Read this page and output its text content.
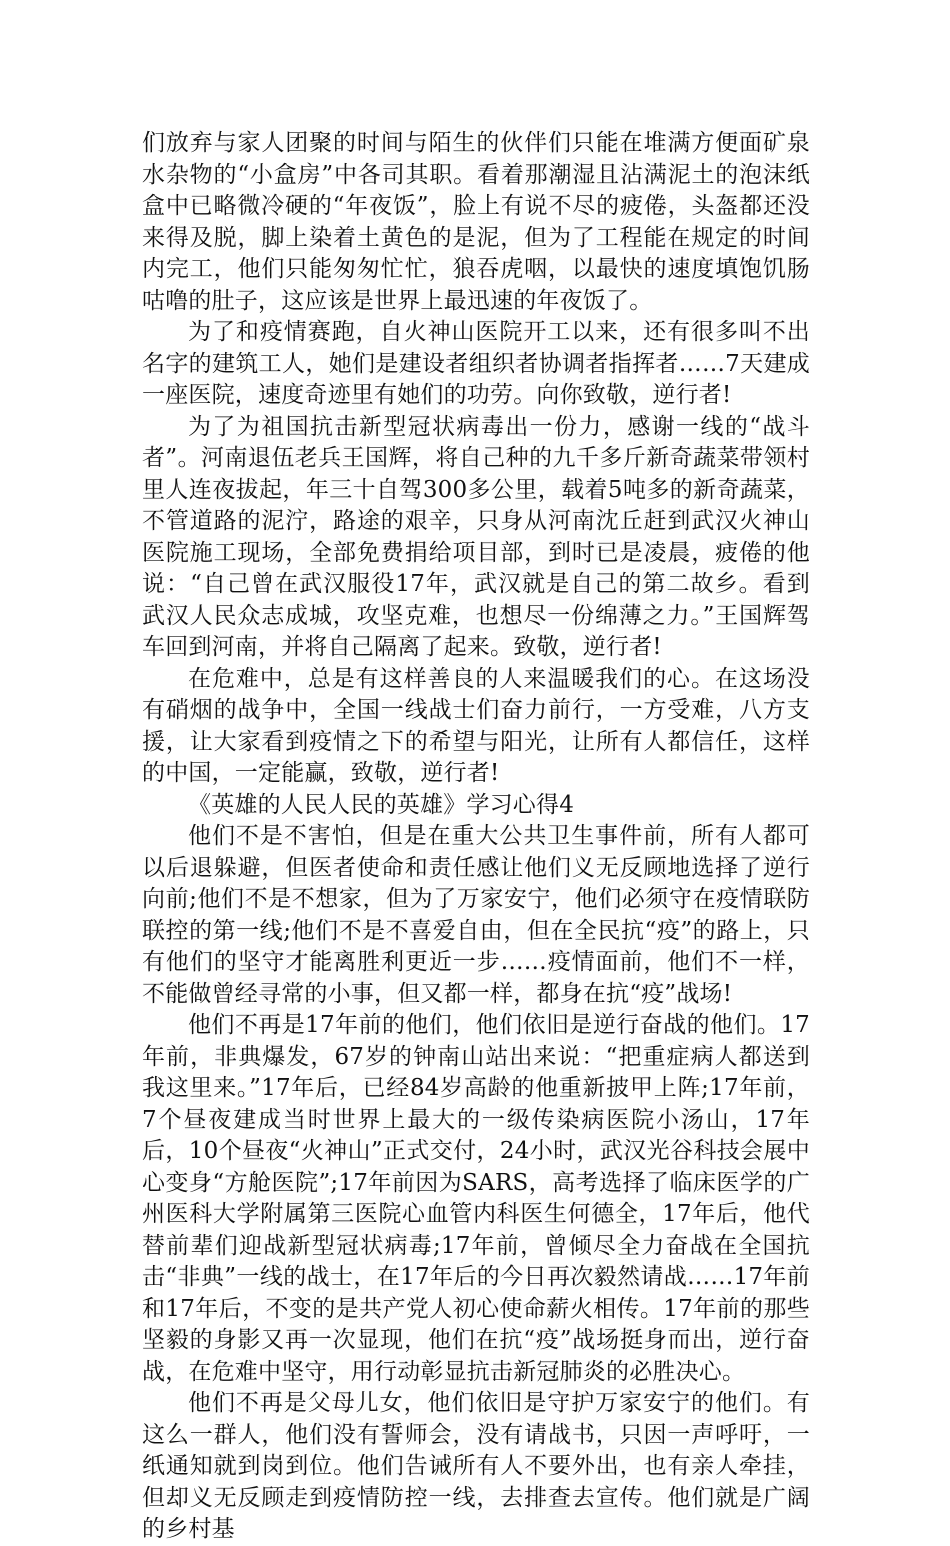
们放弃与家人团聚的时间与陌生的伙伴们只能在堆满方便面矿泉水杂物的“小盒房”中各司其职。看着那潮湿且沾满泥土的泡沫纸盒中已略微冷硬的“年夜饭”，脸上有说不尽的疲倦，头盔都还没来得及脱，脚上染着土黄色的是泥，但为了工程能在规定的时间内完工，他们只能匆匆忙忙，狼吞虎咽，以最快的速度填饱饥肠咕噜的肚子，这应该是世界上最迅速的年夜饭了。

为了和疫情赛跑，自火神山医院开工以来，还有很多叫不出名字的建筑工人，她们是建设者组织者协调者指挥者……7天建成一座医院，速度奇迹里有她们的功劳。向你致敬，逆行者!

为了为祖国抗击新型冠状病毒出一份力，感谢一线的“战斗者”。河南退伍老兵王国辉，将自己种的九千多斤新奇蔬菜带领村里人连夜拔起，年三十自驾300多公里，载着5吨多的新奇蔬菜，不管道路的泥泞，路途的艰辛，只身从河南沈丘赶到武汉火神山医院施工现场，全部免费捐给项目部，到时已是凌晨，疲倦的他说：“自己曾在武汉服役17年，武汉就是自己的第二故乡。看到武汉人民众志成城，攻坚克难，也想尽一份绵薄之力。”王国辉驾车回到河南，并将自己隔离了起来。致敬，逆行者!

在危难中，总是有这样善良的人来温暖我们的心。在这场没有硝烟的战争中，全国一线战士们奋力前行，一方受难，八方支援，让大家看到疫情之下的希望与阳光，让所有人都信任，这样的中国，一定能赢，致敬，逆行者!

《英雄的人民人民的英雄》学习心得4

他们不是不害怕，但是在重大公共卫生事件前，所有人都可以后退躲避，但医者使命和责任感让他们义无反顾地选择了逆行向前;他们不是不想家，但为了万家安宁，他们必须守在疫情联防联控的第一线;他们不是不喜爱自由，但在全民抗“疫”的路上，只有他们的坚守才能离胜利更近一步……疫情面前，他们不一样，不能做曾经寻常的小事，但又都一样，都身在抗“疫”战场!

他们不再是17年前的他们，他们依旧是逆行奋战的他们。17年前，非典爆发，67岁的钟南山站出来说：“把重症病人都送到我这里来。”17年后，已经84岁高龄的他重新披甲上阵;17年前，7个昼夜建成当时世界上最大的一级传染病医院小汤山，17年后，10个昼夜“火神山”正式交付，24小时，武汉光谷科技会展中心变身“方舱医院”;17年前因为SARS，高考选择了临床医学的广州医科大学附属第三医院心血管内科医生何德全，17年后，他代替前辈们迎战新型冠状病毒;17年前，曾倾尽全力奋战在全国抗击“非典”一线的战士，在17年后的今日再次毅然请战……17年前和17年后，不变的是共产党人初心使命薪火相传。17年前的那些坚毅的身影又再一次显现，他们在抗“疫”战场挺身而出，逆行奋战，在危难中坚守，用行动彰显抗击新冠肺炎的必胜决心。

他们不再是父母儿女，他们依旧是守护万家安宁的他们。有这么一群人，他们没有誓师会，没有请战书，只因一声呼吁，一纸通知就到岗到位。他们告诫所有人不要外出，也有亲人牵挂，但却义无反顾走到疫情防控一线，去排查去宣传。他们就是广阔的乡村基
